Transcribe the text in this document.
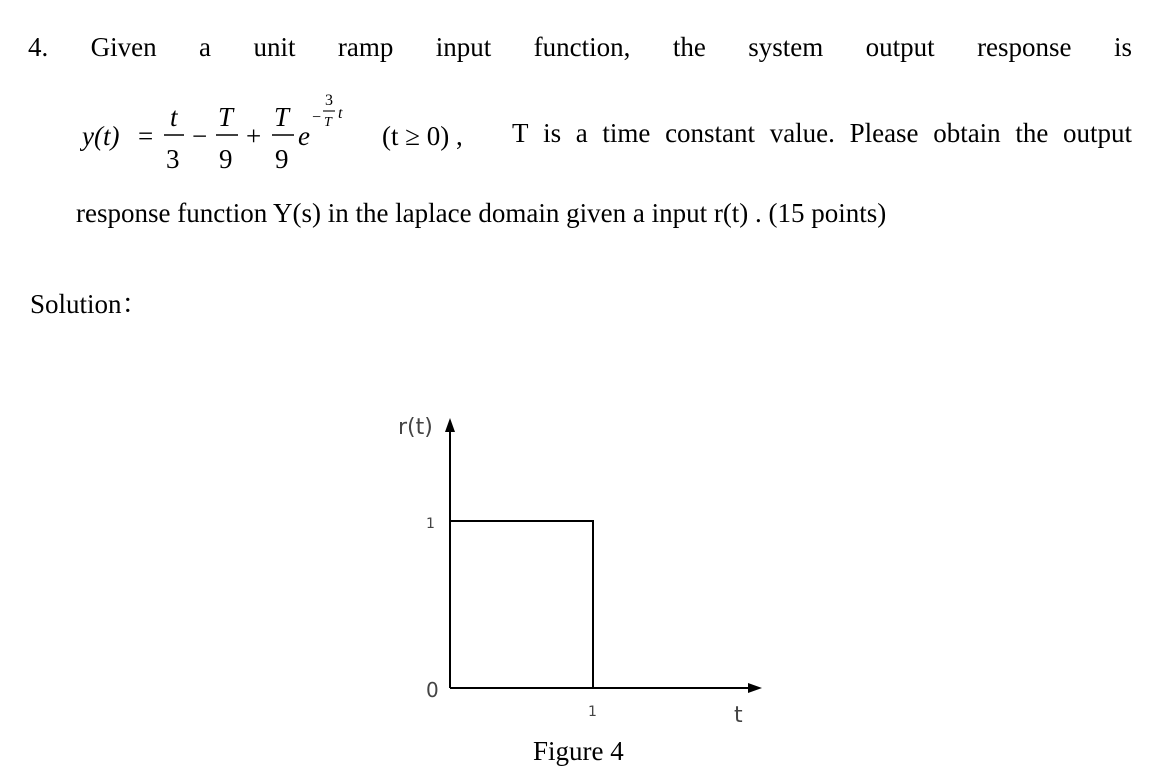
4. Given a unit ramp input function, the system output response is
y(t) =
t
3
−
T
9
+
T
9
e
−
3
T
t
(t ≥ 0) , T is a time constant value. Please obtain the output
response function Y(s) in the laplace domain given a input r(t) . (15 points)
Solution：
r(t)
t
1
1
0
Figure 4
